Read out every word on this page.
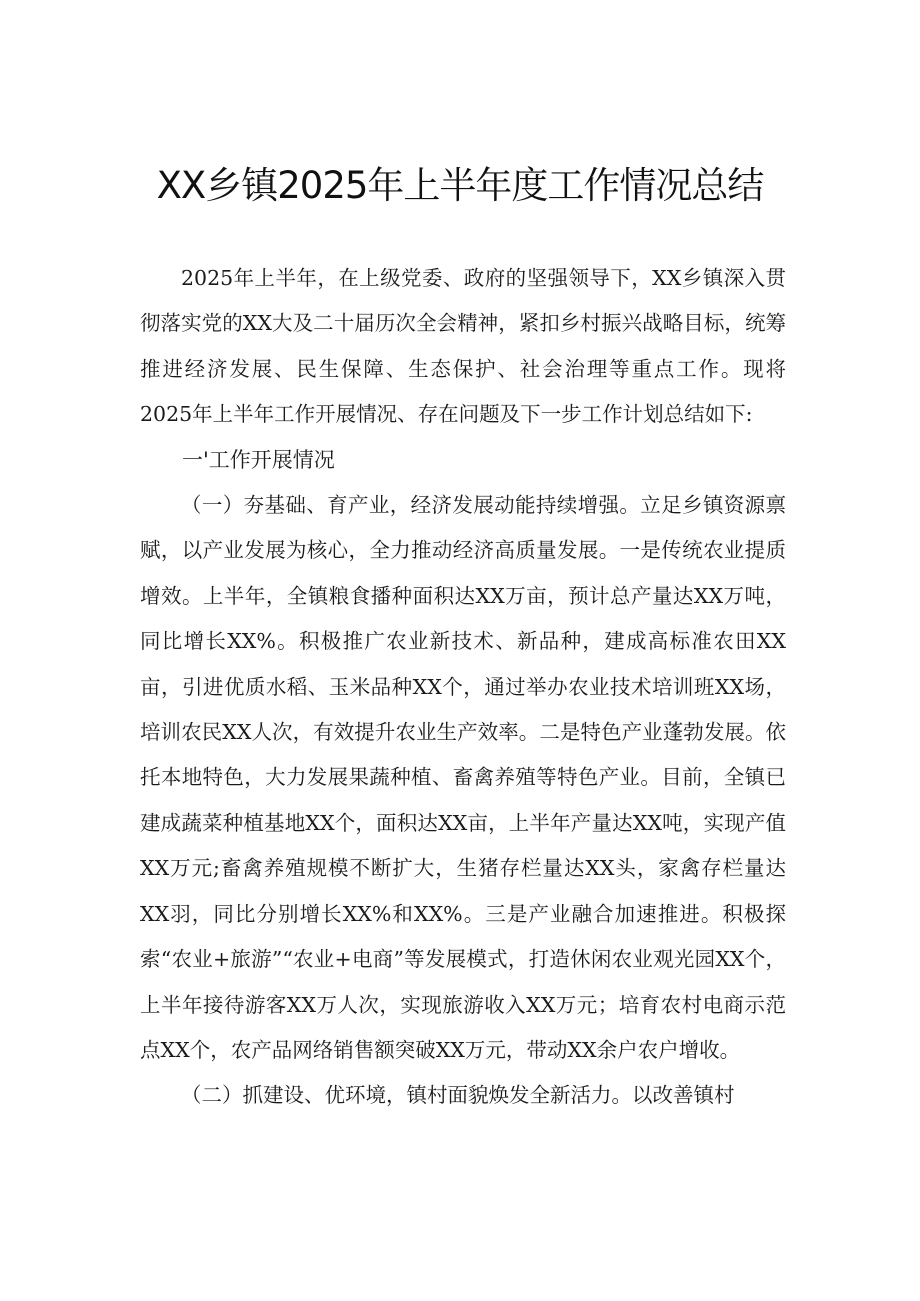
XX乡镇2025年上半年度工作情况总结

2025年上半年，在上级党委、政府的坚强领导下，XX乡镇深入贯彻落实党的XX大及二十届历次全会精神，紧扣乡村振兴战略目标，统筹推进经济发展、民生保障、生态保护、社会治理等重点工作。现将2025年上半年工作开展情况、存在问题及下一步工作计划总结如下:

一'工作开展情况

（一）夯基础、育产业，经济发展动能持续增强。立足乡镇资源禀赋，以产业发展为核心，全力推动经济高质量发展。一是传统农业提质增效。上半年，全镇粮食播种面积达XX万亩，预计总产量达XX万吨，同比增长XX%。积极推广农业新技术、新品种，建成高标准农田XX亩，引进优质水稻、玉米品种XX个，通过举办农业技术培训班XX场，培训农民XX人次，有效提升农业生产效率。二是特色产业蓬勃发展。依托本地特色，大力发展果蔬种植、畜禽养殖等特色产业。目前，全镇已建成蔬菜种植基地XX个，面积达XX亩，上半年产量达XX吨，实现产值XX万元;畜禽养殖规模不断扩大，生猪存栏量达XX头，家禽存栏量达XX羽，同比分别增长XX%和XX%。三是产业融合加速推进。积极探索“农业+旅游”“农业+电商”等发展模式，打造休闲农业观光园XX个，上半年接待游客XX万人次，实现旅游收入XX万元；培育农村电商示范点XX个，农产品网络销售额突破XX万元，带动XX余户农户增收。

（二）抓建设、优环境，镇村面貌焕发全新活力。以改善镇村
